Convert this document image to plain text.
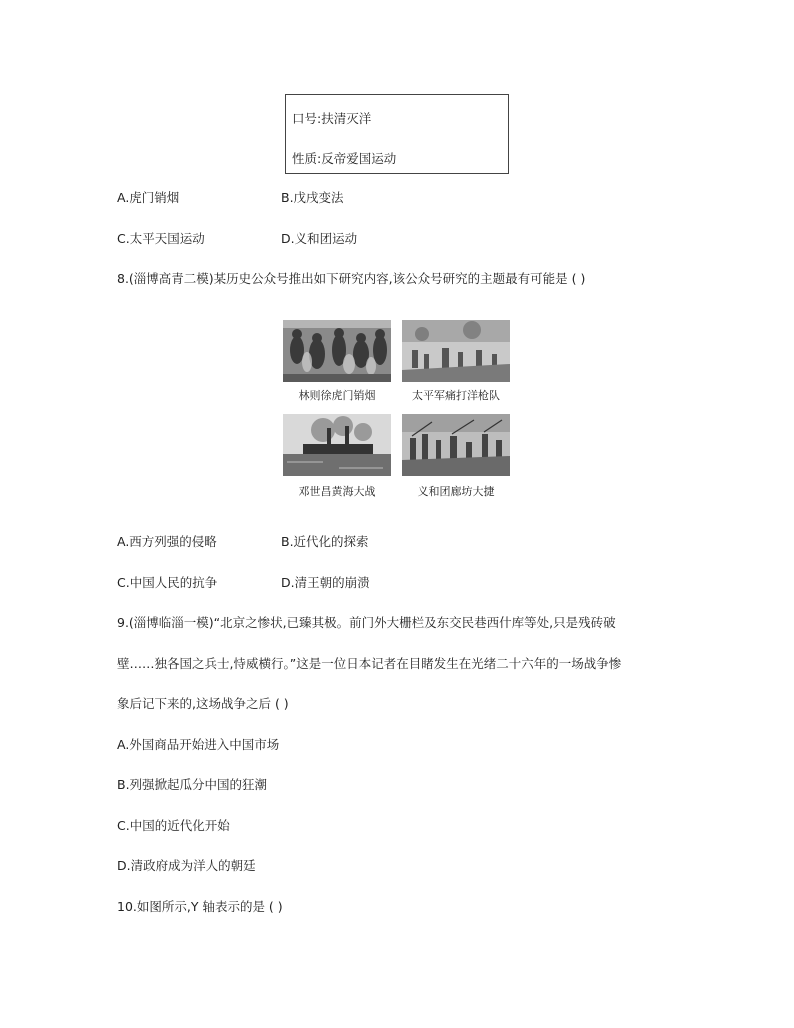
口号:扶清灭洋
性质:反帝爱国运动
A.虎门销烟	B.戊戌变法
C.太平天国运动	D.义和团运动
8.(淄博高青二模)某历史公众号推出如下研究内容,该公众号研究的主题最有可能是 ( )
林则徐虎门销烟	太平军痛打洋枪队
邓世昌黄海大战	义和团廊坊大捷
A.西方列强的侵略	B.近代化的探索
C.中国人民的抗争	D.清王朝的崩溃
9.(淄博临淄一模)“北京之惨状,已臻其极。前门外大栅栏及东交民巷西什库等处,只是残砖破
壁……独各国之兵士,恃威横行。”这是一位日本记者在目睹发生在光绪二十六年的一场战争惨
象后记下来的,这场战争之后 ( )
A.外国商品开始进入中国市场
B.列强掀起瓜分中国的狂潮
C.中国的近代化开始
D.清政府成为洋人的朝廷
10.如图所示,Y 轴表示的是 ( )
